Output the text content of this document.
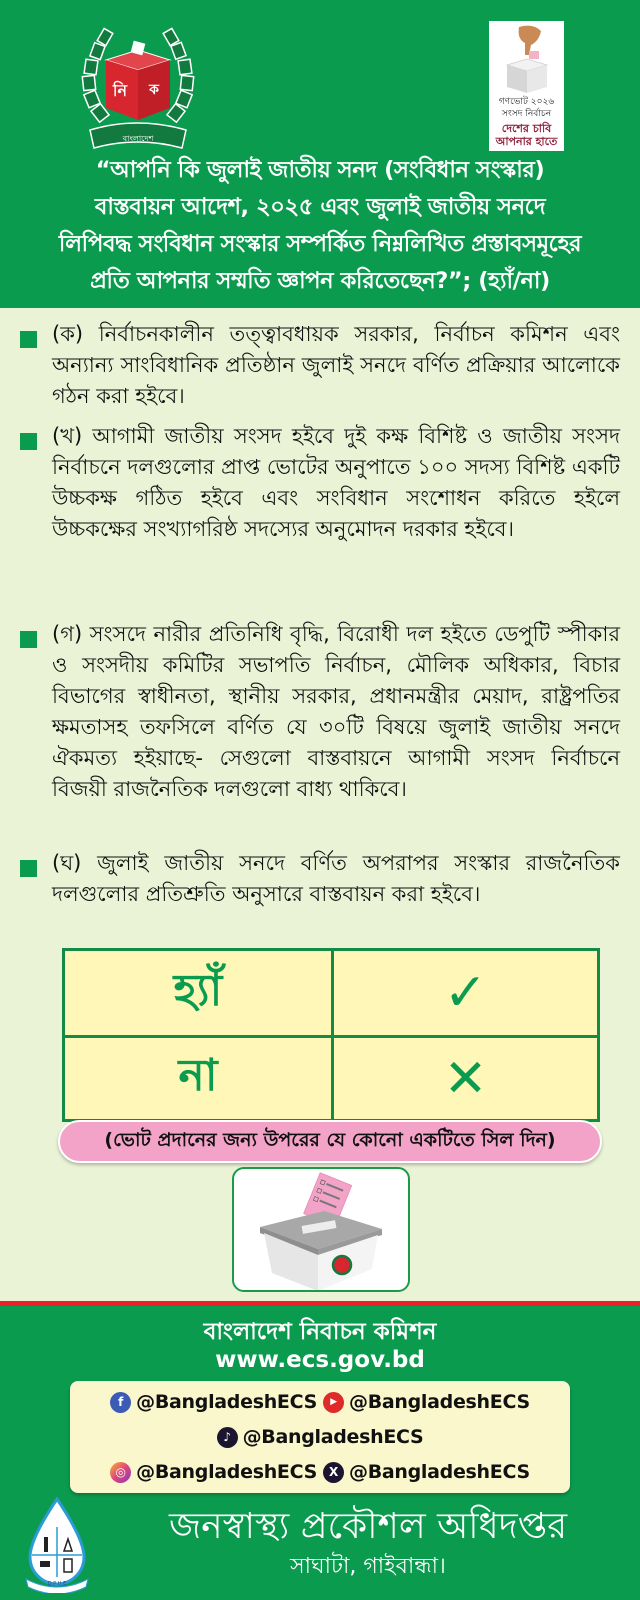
নি ক
বাংলাদেশ
গণভোট ২০২৬
সংসদ নির্বাচন
দেশের চাবি
আপনার হাতে
“আপনি কি জুলাই জাতীয় সনদ (সংবিধান সংস্কার)
বাস্তবায়ন আদেশ, ২০২৫ এবং জুলাই জাতীয় সনদে
লিপিবদ্ধ সংবিধান সংস্কার সম্পর্কিত নিম্নলিখিত প্রস্তাবসমূহের
প্রতি আপনার সম্মতি জ্ঞাপন করিতেছেন?”; (হ্যাঁ/না)
(ক) নির্বাচনকালীন তত্ত্বাবধায়ক সরকার, নির্বাচন কমিশন এবং অন্যান্য সাংবিধানিক প্রতিষ্ঠান জুলাই সনদে বর্ণিত প্রক্রিয়ার আলোকে গঠন করা হইবে।
(খ) আগামী জাতীয় সংসদ হইবে দুই কক্ষ বিশিষ্ট ও জাতীয় সংসদ নির্বাচনে দলগুলোর প্রাপ্ত ভোটের অনুপাতে ১০০ সদস্য বিশিষ্ট একটি উচ্চকক্ষ গঠিত হইবে এবং সংবিধান সংশোধন করিতে হইলে উচ্চকক্ষের সংখ্যাগরিষ্ঠ সদস্যের অনুমোদন দরকার হইবে।
(গ) সংসদে নারীর প্রতিনিধি বৃদ্ধি, বিরোধী দল হইতে ডেপুটি স্পীকার ও সংসদীয় কমিটির সভাপতি নির্বাচন, মৌলিক অধিকার, বিচার বিভাগের স্বাধীনতা, স্থানীয় সরকার, প্রধানমন্ত্রীর মেয়াদ, রাষ্ট্রপতির ক্ষমতাসহ তফসিলে বর্ণিত যে ৩০টি বিষয়ে জুলাই জাতীয় সনদে ঐকমত্য হইয়াছে- সেগুলো বাস্তবায়নে আগামী সংসদ নির্বাচনে বিজয়ী রাজনৈতিক দলগুলো বাধ্য থাকিবে।
(ঘ) জুলাই জাতীয় সনদে বর্ণিত অপরাপর সংস্কার রাজনৈতিক দলগুলোর প্রতিশ্রুতি অনুসারে বাস্তবায়ন করা হইবে।
হ্যাঁ	✓
না	✕
(ভোট প্রদানের জন্য উপরের যে কোনো একটিতে সিল দিন)
বাংলাদেশ নিবাচন কমিশন
www.ecs.gov.bd
f @BangladeshECS	▶ @BangladeshECS
♪ @BangladeshECS
◎ @BangladeshECS	X @BangladeshECS
D P H E
জনস্বাস্থ্য প্রকৌশল অধিদপ্তর
সাঘাটা, গাইবান্ধা।
